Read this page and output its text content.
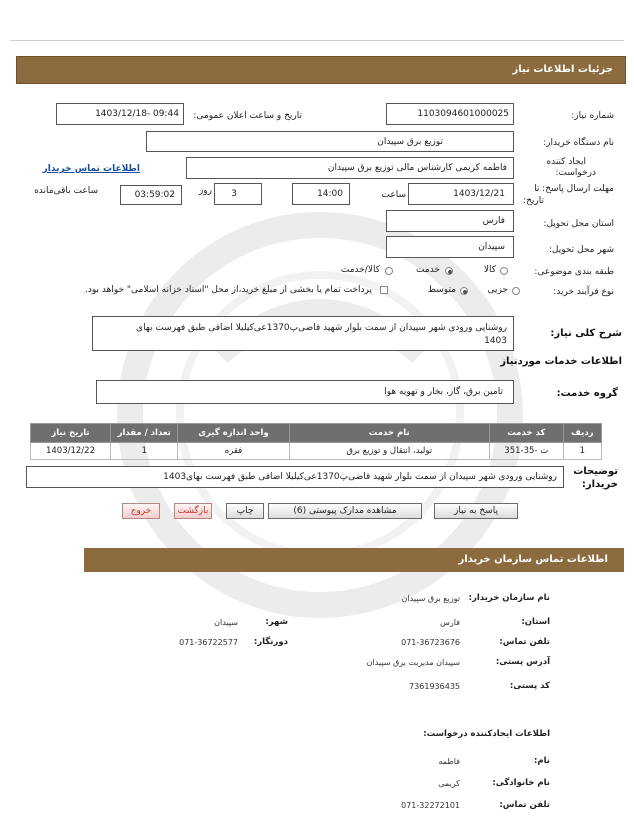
جزئیات اطلاعات نیاز
شماره نیاز:
1103094601000025
تاریخ و ساعت اعلان عمومی:
1403/12/18- 09:44
نام دستگاه خریدار:
توزیع برق سپیدان
ایجاد کننده
درخواست:
فاطمه کریمی کارشناس مالی توزیع برق سپیدان
اطلاعات تماس خریدار
مهلت ارسال پاسخ: تا
تاریخ:
1403/12/21
ساعت
14:00
3
روز
03:59:02
ساعت باقی‌مانده
استان محل تحویل:
فارس
شهر محل تحویل:
سپیدان
طبقه بندی موضوعی:
کالا
خدمت
کالا/خدمت
نوع فرآیند خرید:
جزیی
متوسط
پرداخت تمام یا بخشی از مبلغ خرید،از محل "اسناد خزانه اسلامی" خواهد بود.
شرح کلی نیاز:
روشنایی ورودی شهر سپیدان از سمت بلوار شهید قاضی‌پ1370عی‌کیلیلا اضافی طبق فهرست بهای
1403
اطلاعات خدمات موردنیاز
گروه خدمت:
تامین برق، گاز، بخار و تهویه هوا
ردیف	کد خدمت	نام خدمت	واحد اندازه گیری	تعداد / مقدار	تاریخ نیاز
1	ت -35-351	تولید، انتقال و توزیع برق	فقره	1	1403/12/22
توضیحات
خریدار:
روشنایی ورودی شهر سپیدان از سمت بلوار شهید قاضی‌پ1370عی‌کیلیلا اضافی طبق فهرست بهای1403
پاسخ به نیاز
مشاهده مدارک پیوستی (6)
چاپ
بازگشت
خروج
اطلاعات تماس سازمان خریدار
نام سازمان خریدار:
توزیع برق سپیدان
استان:
فارس
شهر:
سپیدان
تلفن تماس:
071-36723676
دورنگار:
071-36722577
آدرس پستی:
سپیدان مدیریت برق سپیدان
کد پستی:
7361936435
اطلاعات ایجادکننده درخواست:
نام:
فاطمه
نام خانوادگی:
کریمی
تلفن تماس:
071-32272101
